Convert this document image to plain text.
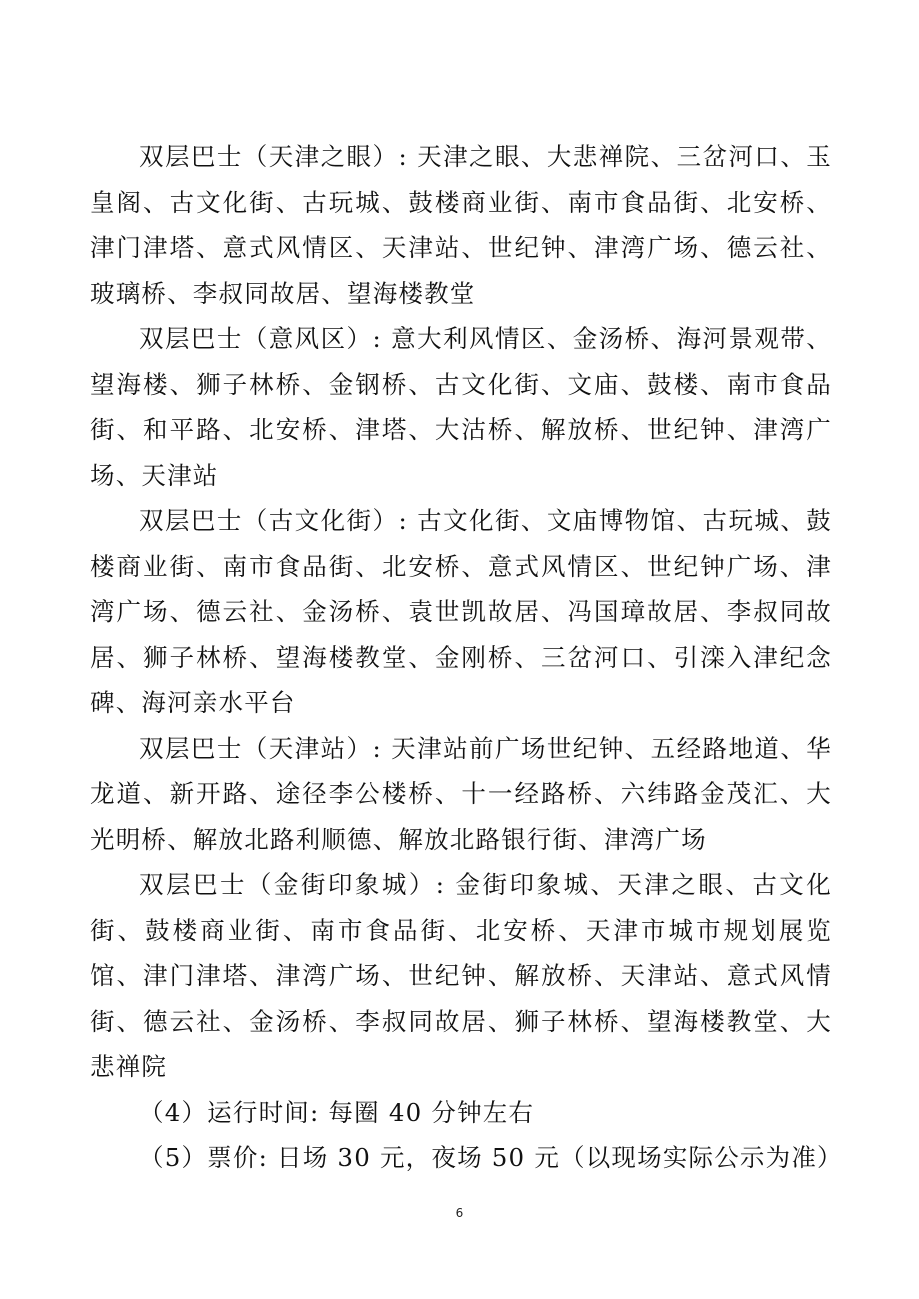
双层巴士（天津之眼）: 天津之眼、大悲禅院、三岔河口、玉皇阁、古文化街、古玩城、鼓楼商业街、南市食品街、北安桥、津门津塔、意式风情区、天津站、世纪钟、津湾广场、德云社、玻璃桥、李叔同故居、望海楼教堂

双层巴士（意风区）: 意大利风情区、金汤桥、海河景观带、望海楼、狮子林桥、金钢桥、古文化街、文庙、鼓楼、南市食品街、和平路、北安桥、津塔、大沽桥、解放桥、世纪钟、津湾广场、天津站

双层巴士（古文化街）: 古文化街、文庙博物馆、古玩城、鼓楼商业街、南市食品街、北安桥、意式风情区、世纪钟广场、津湾广场、德云社、金汤桥、袁世凯故居、冯国璋故居、李叔同故居、狮子林桥、望海楼教堂、金刚桥、三岔河口、引滦入津纪念碑、海河亲水平台

双层巴士（天津站）: 天津站前广场世纪钟、五经路地道、华龙道、新开路、途径李公楼桥、十一经路桥、六纬路金茂汇、大光明桥、解放北路利顺德、解放北路银行街、津湾广场

双层巴士（金街印象城）: 金街印象城、天津之眼、古文化街、鼓楼商业街、南市食品街、北安桥、天津市城市规划展览馆、津门津塔、津湾广场、世纪钟、解放桥、天津站、意式风情街、德云社、金汤桥、李叔同故居、狮子林桥、望海楼教堂、大悲禅院

（4）运行时间: 每圈 40 分钟左右

（5）票价: 日场 30 元，夜场 50 元（以现场实际公示为准）

6
